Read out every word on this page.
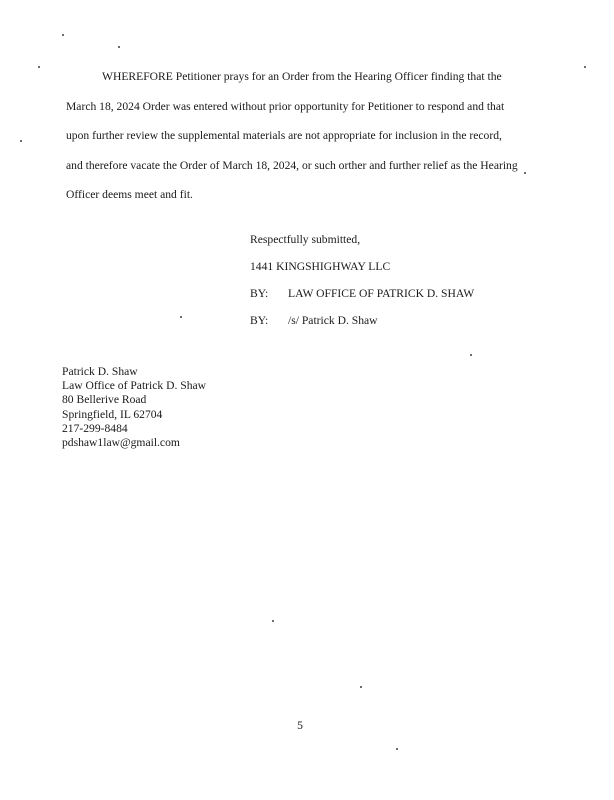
WHEREFORE Petitioner prays for an Order from the Hearing Officer finding that the
March 18, 2024 Order was entered without prior opportunity for Petitioner to respond and that
upon further review the supplemental materials are not appropriate for inclusion in the record,
and therefore vacate the Order of March 18, 2024, or such orther and further relief as the Hearing
Officer deems meet and fit.
Respectfully submitted,
1441 KINGSHIGHWAY LLC
BY: LAW OFFICE OF PATRICK D. SHAW
BY: /s/ Patrick D. Shaw
Patrick D. Shaw
Law Office of Patrick D. Shaw
80 Bellerive Road
Springfield, IL 62704
217-299-8484
pdshaw1law@gmail.com
5
